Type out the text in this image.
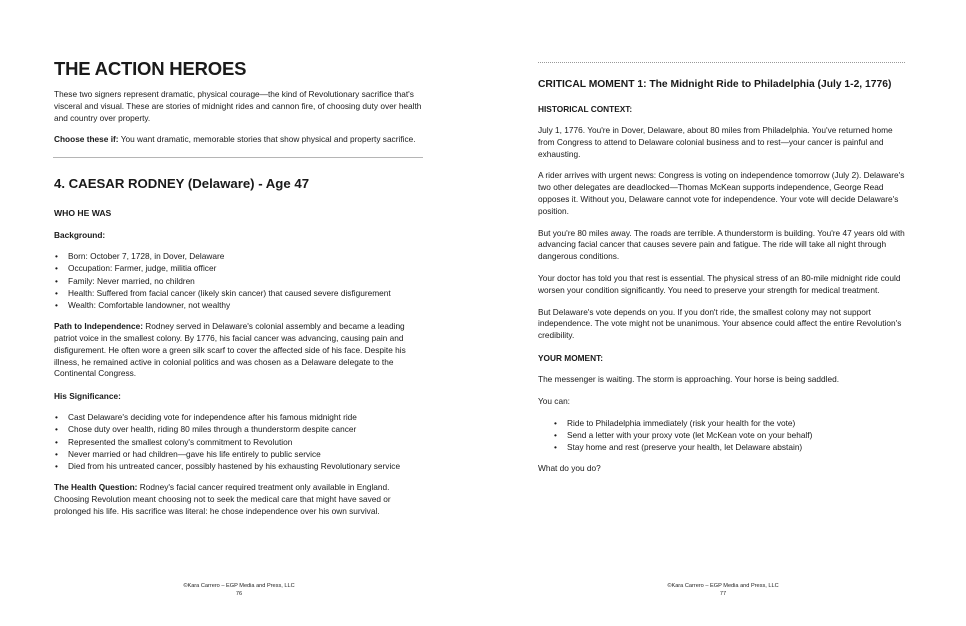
THE ACTION HEROES

These two signers represent dramatic, physical courage—the kind of Revolutionary sacrifice that's visceral and visual. These are stories of midnight rides and cannon fire, of choosing duty over health and country over property.

Choose these if: You want dramatic, memorable stories that show physical and property sacrifice.

4. CAESAR RODNEY (Delaware) - Age 47
WHO HE WAS
Background:
• Born: October 7, 1728, in Dover, Delaware
• Occupation: Farmer, judge, militia officer
• Family: Never married, no children
• Health: Suffered from facial cancer (likely skin cancer) that caused severe disfigurement
• Wealth: Comfortable landowner, not wealthy

Path to Independence: Rodney served in Delaware's colonial assembly and became a leading patriot voice in the smallest colony. By 1776, his facial cancer was advancing, causing pain and disfigurement. He often wore a green silk scarf to cover the affected side of his face. Despite his illness, he remained active in colonial politics and was chosen as a Delaware delegate to the Continental Congress.

His Significance:
• Cast Delaware's deciding vote for independence after his famous midnight ride
• Chose duty over health, riding 80 miles through a thunderstorm despite cancer
• Represented the smallest colony's commitment to Revolution
• Never married or had children—gave his life entirely to public service
• Died from his untreated cancer, possibly hastened by his exhausting Revolutionary service

The Health Question: Rodney's facial cancer required treatment only available in England. Choosing Revolution meant choosing not to seek the medical care that might have saved or prolonged his life. His sacrifice was literal: he chose independence over his own survival.

©Kara Carrero – EGP Media and Press, LLC
76
CRITICAL MOMENT 1: The Midnight Ride to Philadelphia (July 1-2, 1776)
HISTORICAL CONTEXT:

July 1, 1776. You're in Dover, Delaware, about 80 miles from Philadelphia. You've returned home from Congress to attend to Delaware colonial business and to rest—your cancer is painful and exhausting.

A rider arrives with urgent news: Congress is voting on independence tomorrow (July 2). Delaware's two other delegates are deadlocked—Thomas McKean supports independence, George Read opposes it. Without you, Delaware cannot vote for independence. Your vote will decide Delaware's position.

But you're 80 miles away. The roads are terrible. A thunderstorm is building. You're 47 years old with advancing facial cancer that causes severe pain and fatigue. The ride will take all night through dangerous conditions.

Your doctor has told you that rest is essential. The physical stress of an 80-mile midnight ride could worsen your condition significantly. You need to preserve your strength for medical treatment.

But Delaware's vote depends on you. If you don't ride, the smallest colony may not support independence. The vote might not be unanimous. Your absence could affect the entire Revolution's credibility.

YOUR MOMENT:

The messenger is waiting. The storm is approaching. Your horse is being saddled.

You can:

• Ride to Philadelphia immediately (risk your health for the vote)
• Send a letter with your proxy vote (let McKean vote on your behalf)
• Stay home and rest (preserve your health, let Delaware abstain)

What do you do?

©Kara Carrero – EGP Media and Press, LLC
77
